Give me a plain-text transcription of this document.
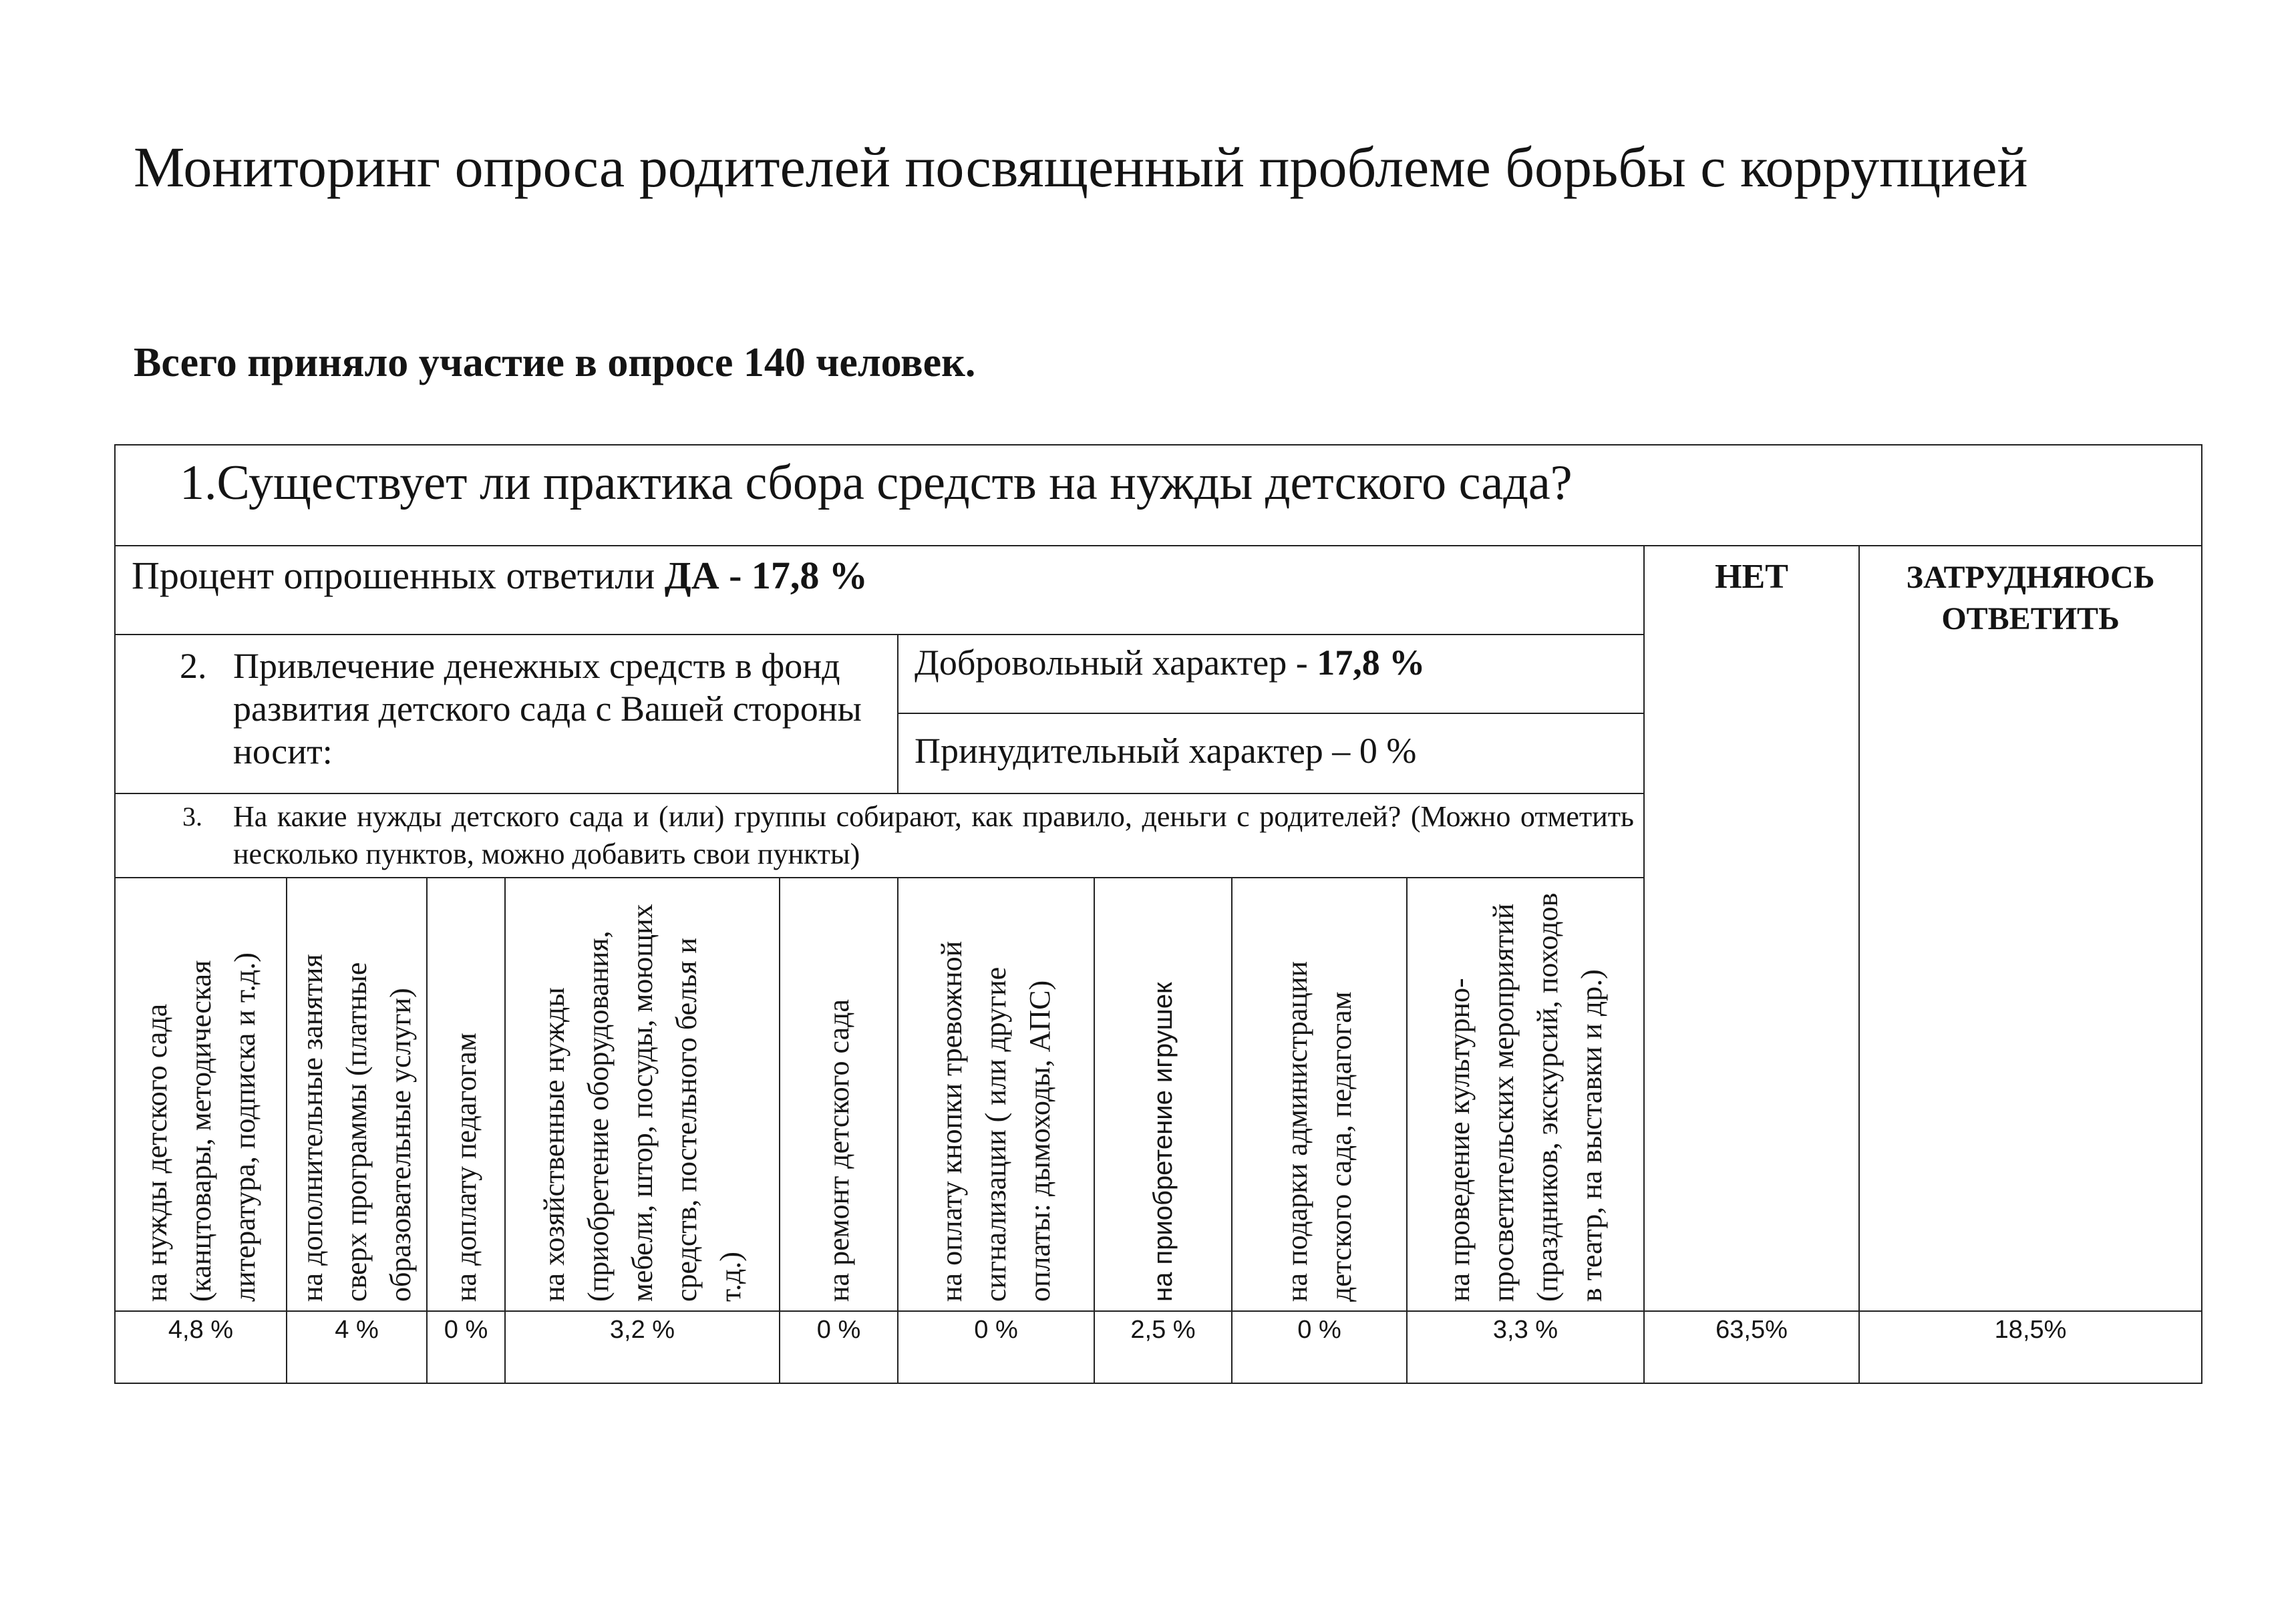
Мониторинг опроса родителей посвященный проблеме борьбы с коррупцией
Всего приняло участие в опросе 140 человек.
1.Существует ли практика сбора средств на нужды детского сада?										
Процент опрошенных ответили ДА - 17,8 %									НЕТ	ЗАТРУДНЯЮСЬ
ОТВЕТИТЬ

2. Привлечение денежных средств в фонд развития детского сада с Вашей стороны носит:					Добровольный характер - 17,8 %					
					Принудительный характер – 0 %					

3. На какие нужды детского сада и (или) группы собирают, как правило, деньги с родителей? (Можно отметить несколько пунктов, можно добавить свои пункты)										

на нужды детского сада (канцтовары, методическая литература, подписка и т.д.)	на дополнительные занятия сверх программы (платные образовательные услуги)	на доплату педагогам	на хозяйственные нужды (приобретение оборудования, мебели, штор, посуды, моющих средств, постельного белья и т.д.)	на ремонт детского сада	на оплату кнопки тревожной сигнализации ( или другие оплаты: дымоходы, АПС)	на приобретение игрушек	на подарки администрации детского сада, педагогам	на проведение культурно-просветительских мероприятий (праздников, экскурсий, походов в театр, на выставки и др.)		

4,8 %	4 %	0 %	3,2 %	0 %	0 %	2,5 %	0 %	3,3 %	63,5%	18,5%
